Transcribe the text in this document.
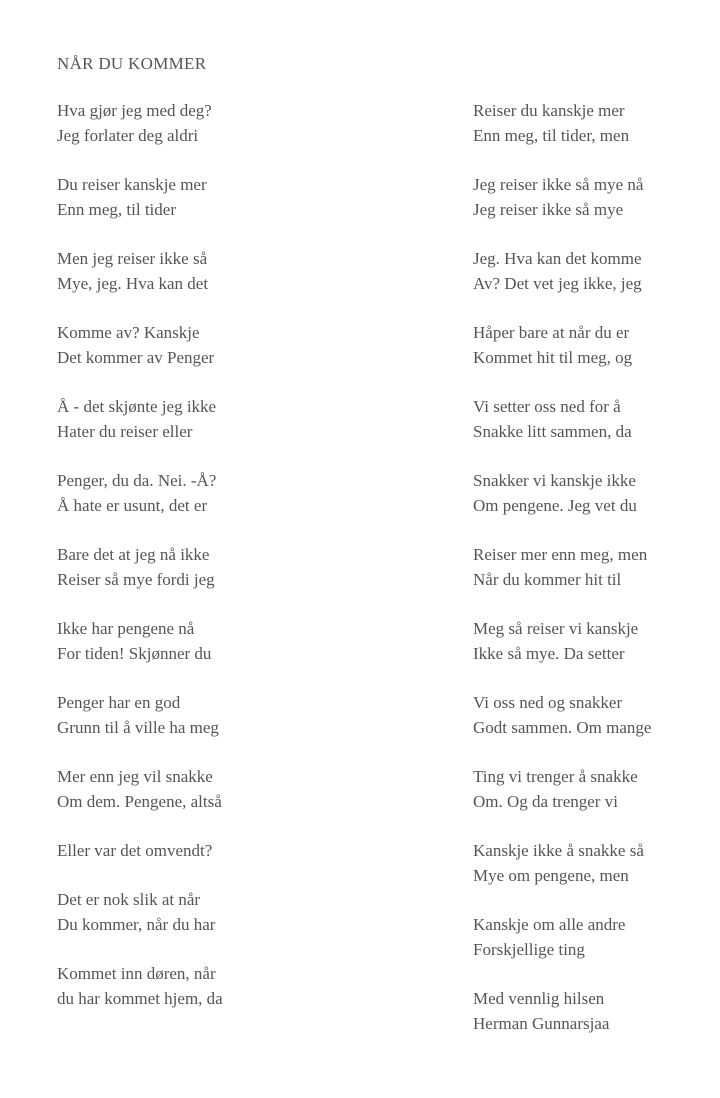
NÅR DU KOMMER
Hva gjør jeg med deg?
Jeg forlater deg aldri
Du reiser kanskje mer
Enn meg, til tider
Men jeg reiser ikke så
Mye, jeg. Hva kan det
Komme av? Kanskje
Det kommer av Penger
Å - det skjønte jeg ikke
Hater du reiser eller
Penger, du da. Nei. -Å?
Å hate er usunt, det er
Bare det at jeg nå ikke
Reiser så mye fordi jeg
Ikke har pengene nå
For tiden! Skjønner du
Penger har en god
Grunn til å ville ha meg
Mer enn jeg vil snakke
Om dem. Pengene, altså
Eller var det omvendt?
Det er nok slik at når
Du kommer, når du har
Kommet inn døren, når
du har kommet hjem, da
Reiser du kanskje mer
Enn meg, til tider, men
Jeg reiser ikke så mye nå
Jeg reiser ikke så mye
Jeg. Hva kan det komme
Av? Det vet jeg ikke, jeg
Håper bare at når du er
Kommet hit til meg, og
Vi setter oss ned for å
Snakke litt sammen, da
Snakker vi kanskje ikke
Om pengene. Jeg vet du
Reiser mer enn meg, men
Når du kommer hit til
Meg så reiser vi kanskje
Ikke så mye. Da setter
Vi oss ned og snakker
Godt sammen. Om mange
Ting vi trenger å snakke
Om. Og da trenger vi
Kanskje ikke å snakke så
Mye om pengene, men
Kanskje om alle andre
Forskjellige ting
Med vennlig hilsen
Herman Gunnarsjaa
